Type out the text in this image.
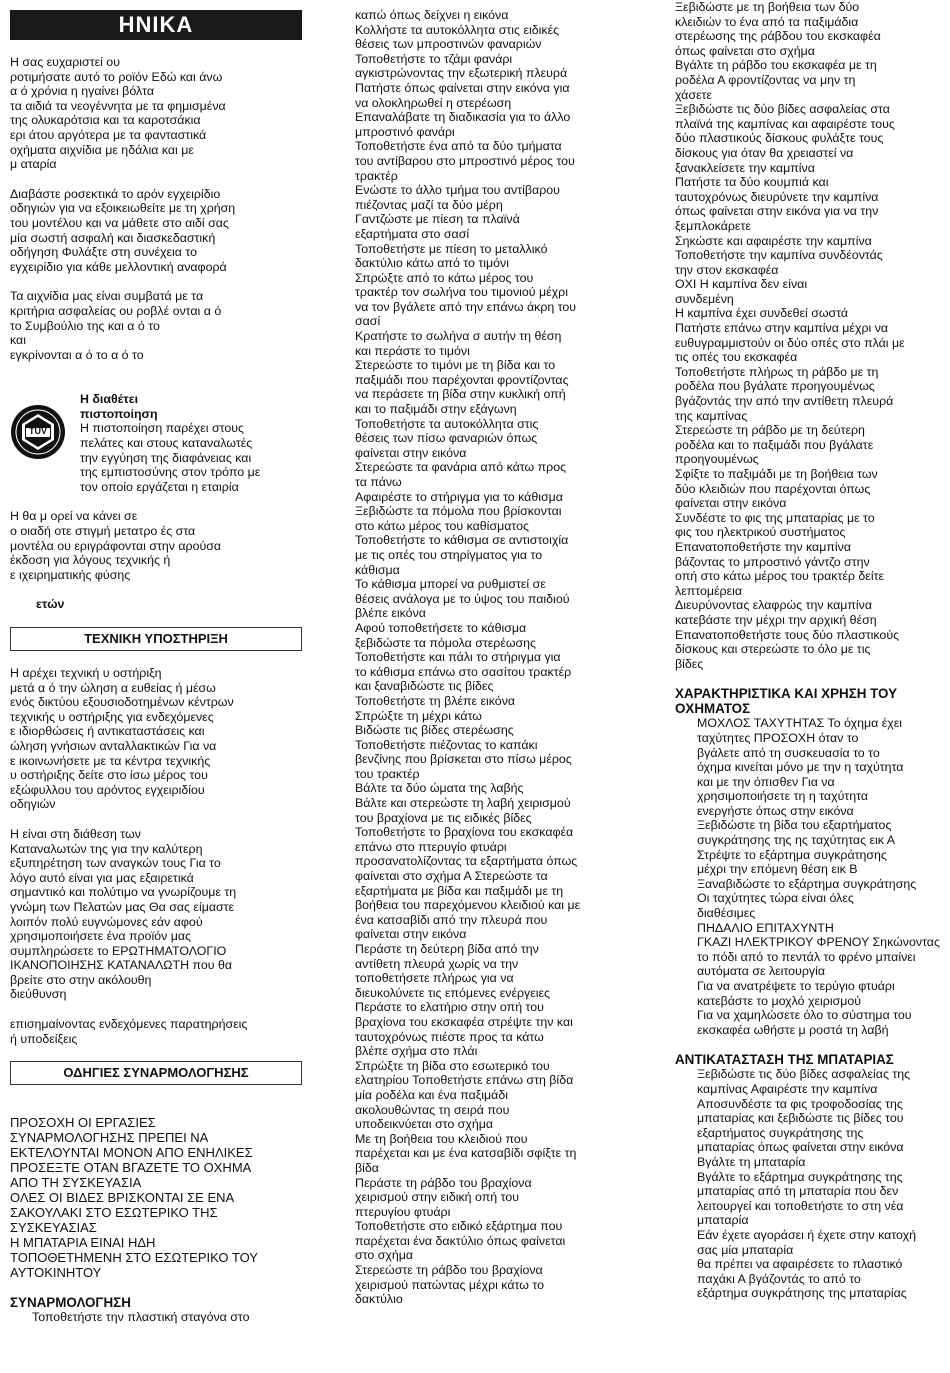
ΗΝΙΚΑ

Η σας ευχαριστεί ου
ροτιμήσατε αυτό το ροϊόν Εδώ και άνω
α ό χρόνια η ηγαίνει βόλτα
τα αιδιά τα νεογέννητα με τα φημισμένα
της ολυκαρότσια και τα καροτσάκια
ερι άτου αργότερα με τα φανταστικά
οχήματα αιχνίδια με ηδάλια και με
μ αταρία

Διαβάστε ροσεκτικά το αρόν εγχειρίδιο
οδηγιών για να εξοικειωθείτε με τη χρήση
του μοντέλου και να μάθετε στο αιδί σας
μία σωστή ασφαλή και διασκεδαστική
οδήγηση Φυλάξτε στη συνέχεια το
εγχειρίδιο για κάθε μελλοντική αναφορά

Τα αιχνίδια μας είναι συμβατά με τα
κριτήρια ασφαλείας ου ροβλέ ονται α ό
το Συμβούλιο της και α ό το
και
εγκρίνονται α ό το α ό το

TÜV

Η διαθέτει
πιστοποίηση

Η πιστοποίηση παρέχει στους
πελάτες και στους καταναλωτές
την εγγύηση της διαφάνειας και
της εμπιστοσύνης στον τρόπο με
τον οποίο εργάζεται η εταιρία

Η θα μ ορεί να κάνει σε
ο οιαδή οτε στιγμή μετατρο ές στα
μοντέλα ου εριγράφονται στην αρούσα
έκδοση για λόγους τεχνικής ή
ε ιχειρηματικής φύσης

ετών

ΤΕΧΝΙΚΗ ΥΠΟΣΤΗΡΙΞΗ

Η αρέχει τεχνική υ οστήριξη
μετά α ό την ώληση α ευθείας ή μέσω
ενός δικτύου εξουσιοδοτημένων κέντρων
τεχνικής υ οστήριξης για ενδεχόμενες
ε ιδιορθώσεις ή αντικαταστάσεις και
ώληση γνήσιων ανταλλακτικών Για να
ε ικοινωνήσετε με τα κέντρα τεχνικής
υ οστήριξης δείτε στο ίσω μέρος του
εξώφυλλου του αρόντος εγχειριδίου
οδηγιών

Η είναι στη διάθεση των
Καταναλωτών της για την καλύτερη
εξυπηρέτηση των αναγκών τους Για το
λόγο αυτό είναι για μας εξαιρετικά
σημαντικό και πολύτιμο να γνωρίζουμε τη
γνώμη των Πελατών μας Θα σας είμαστε
λοιπόν πολύ ευγνώμονες εάν αφού
χρησιμοποιήσετε ένα προϊόν μας
συμπληρώσετε το ΕΡΩΤΗΜΑΤΟΛΟΓΙΟ
ΙΚΑΝΟΠΟΙΗΣΗΣ ΚΑΤΑΝΑΛΩΤΗ που θα
βρείτε στο στην ακόλουθη
διεύθυνση

επισημαίνοντας ενδεχόμενες παρατηρήσεις
ή υποδείξεις

ΟΔΗΓΙΕΣ ΣΥΝΑΡΜΟΛΟΓΗΣΗΣ

ΠΡΟΣΟΧΗ ΟΙ ΕΡΓΑΣΙΕΣ
ΣΥΝΑΡΜΟΛΟΓΗΣΗΣ ΠΡΕΠΕΙ ΝΑ
ΕΚΤΕΛΟΥΝΤΑΙ ΜΟΝΟΝ ΑΠΟ ΕΝΗΛΙΚΕΣ
ΠΡΟΣΕΞΤΕ ΟΤΑΝ ΒΓΑΖΕΤΕ ΤΟ ΟΧΗΜΑ
ΑΠΟ ΤΗ ΣΥΣΚΕΥΑΣΙΑ
ΟΛΕΣ ΟΙ ΒΙΔΕΣ ΒΡΙΣΚΟΝΤΑΙ ΣΕ ΕΝΑ
ΣΑΚΟΥΛΑΚΙ ΣΤΟ ΕΣΩΤΕΡΙΚΟ ΤΗΣ
ΣΥΣΚΕΥΑΣΙΑΣ
Η ΜΠΑΤΑΡΙΑ ΕΙΝΑΙ ΗΔΗ
ΤΟΠΟΘΕΤΗΜΕΝΗ ΣΤΟ ΕΣΩΤΕΡΙΚΟ ΤΟΥ
ΑΥΤΟΚΙΝΗΤΟΥ

ΣΥΝΑΡΜΟΛΟΓΗΣΗ

Τοποθετήστε την πλαστική σταγόνα στο

καπώ όπως δείχνει η εικόνα
Κολλήστε τα αυτοκόλλητα στις ειδικές
θέσεις των μπροστινών φαναριών
Τοποθετήστε το τζάμι φανάρι
αγκιστρώνοντας την εξωτερική πλευρά
Πατήστε όπως φαίνεται στην εικόνα για
να ολοκληρωθεί η στερέωση
Επαναλάβατε τη διαδικασία για το άλλο
μπροστινό φανάρι
Τοποθετήστε ένα από τα δύο τμήματα
του αντίβαρου στο μπροστινό μέρος του
τρακτέρ
Ενώστε το άλλο τμήμα του αντίβαρου
πιέζοντας μαζί τα δύο μέρη
Γαντζώστε με πίεση τα πλαϊνά
εξαρτήματα στο σασί
Τοποθετήστε με πίεση το μεταλλικό
δακτύλιο κάτω από το τιμόνι
Σπρώξτε από το κάτω μέρος του
τρακτέρ τον σωλήνα του τιμονιού μέχρι
να τον βγάλετε από την επάνω άκρη του
σασί
Κρατήστε το σωλήνα σ αυτήν τη θέση
και περάστε το τιμόνι
Στερεώστε το τιμόνι με τη βίδα και το
παξιμάδι που παρέχονται φροντίζοντας
να περάσετε τη βίδα στην κυκλική οπή
και το παξιμάδι στην εξάγωνη
Τοποθετήστε τα αυτοκόλλητα στις
θέσεις των πίσω φαναριών όπως
φαίνεται στην εικόνα
Στερεώστε τα φανάρια από κάτω προς
τα πάνω
Αφαιρέστε το στήριγμα για το κάθισμα
Ξεβιδώστε τα πόμολα που βρίσκονται
στο κάτω μέρος του καθίσματος
Τοποθετήστε το κάθισμα σε αντιστοιχία
με τις οπές του στηρίγματος για το
κάθισμα
Το κάθισμα μπορεί να ρυθμιστεί σε
θέσεις ανάλογα με το ύψος του παιδιού
βλέπε εικόνα
Αφού τοποθετήσετε το κάθισμα
ξεβιδώστε τα πόμολα στερέωσης
Τοποθετήστε και πάλι το στήριγμα για
το κάθισμα επάνω στο σασίτου τρακτέρ
και ξαναβιδώστε τις βίδες
Τοποθετήστε τη βλέπε εικόνα
Σπρώξτε τη μέχρι κάτω
Βιδώστε τις βίδες στερέωσης
Τοποθετήστε πιέζοντας το καπάκι
βενζίνης που βρίσκεται στο πίσω μέρος
του τρακτέρ
Βάλτε τα δύο ώματα της λαβής
Βάλτε και στερεώστε τη λαβή χειρισμού
του βραχίονα με τις ειδικές βίδες
Τοποθετήστε το βραχίονα του εκσκαφέα
επάνω στο πτερυγίο φτυάρι
προσανατολίζοντας τα εξαρτήματα όπως
φαίνεται στο σχήμα Α Στερεώστε τα
εξαρτήματα με βίδα και παξιμάδι με τη
βοήθεια του παρεχόμενου κλειδιού και με
ένα κατσαβίδι από την πλευρά που
φαίνεται στην εικόνα
Περάστε τη δεύτερη βίδα από την
αντίθετη πλευρά χωρίς να την
τοποθετήσετε πλήρως για να
διευκολύνετε τις επόμενες ενέργειες
Περάστε το ελατήριο στην οπή του
βραχίονα του εκσκαφέα στρέψτε την και
ταυτοχρόνως πιέστε προς τα κάτω
βλέπε σχήμα στο πλάι
Σπρώξτε τη βίδα στο εσωτερικό του
ελατηρίου Τοποθετήστε επάνω στη βίδα
μία ροδέλα και ένα παξιμάδι
ακολουθώντας τη σειρά που
υποδεικνύεται στο σχήμα
Με τη βοήθεια του κλειδιού που
παρέχεται και με ένα κατσαβίδι σφίξτε τη
βίδα
Περάστε τη ράβδο του βραχίονα
χειρισμού στην ειδική οπή του
πτερυγίου φτυάρι
Τοποθετήστε στο ειδικό εξάρτημα που
παρέχεται ένα δακτύλιο όπως φαίνεται
στο σχήμα
Στερεώστε τη ράβδο του βραχίονα
χειρισμού πατώντας μέχρι κάτω το
δακτύλιο

Ξεβιδώστε με τη βοήθεια των δύο
κλειδιών το ένα από τα παξιμάδια
στερέωσης της ράβδου του εκσκαφέα
όπως φαίνεται στο σχήμα
Βγάλτε τη ράβδο του εκσκαφέα με τη
ροδέλα Α φροντίζοντας να μην τη
χάσετε
Ξεβιδώστε τις δύο βίδες ασφαλείας στα
πλαϊνά της καμπίνας και αφαιρέστε τους
δύο πλαστικούς δίσκους φυλάξτε τους
δίσκους για όταν θα χρειαστεί να
ξανακλείσετε την καμπίνα
Πατήστε τα δύο κουμπιά και
ταυτοχρόνως διευρύνετε την καμπίνα
όπως φαίνεται στην εικόνα για να την
ξεμπλοκάρετε
Σηκώστε και αφαιρέστε την καμπίνα
Τοποθετήστε την καμπίνα συνδέοντάς
την στον εκσκαφέα
ΟΧΙ Η καμπίνα δεν είναι
συνδεμένη
Η καμπίνα έχει συνδεθεί σωστά
Πατήστε επάνω στην καμπίνα μέχρι να
ευθυγραμμιστούν οι δύο οπές στο πλάι με
τις οπές του εκσκαφέα
Τοποθετήστε πλήρως τη ράβδο με τη
ροδέλα που βγάλατε προηγουμένως
βγάζοντάς την από την αντίθετη πλευρά
της καμπίνας
Στερεώστε τη ράβδο με τη δεύτερη
ροδέλα και το παξιμάδι που βγάλατε
προηγουμένως
Σφίξτε το παξιμάδι με τη βοήθεια των
δύο κλειδιών που παρέχονται όπως
φαίνεται στην εικόνα
Συνδέστε το φις της μπαταρίας με το
φις του ηλεκτρικού συστήματος
Επανατοποθετήστε την καμπίνα
βάζοντας το μπροστινό γάντζο στην
οπή στο κάτω μέρος του τρακτέρ δείτε
λεπτομέρεια
Διευρύνοντας ελαφρώς την καμπίνα
κατεβάστε την μέχρι την αρχική θέση
Επανατοποθετήστε τους δύο πλαστικούς
δίσκους και στερεώστε το όλο με τις
βίδες

ΧΑΡΑΚΤΗΡΙΣΤΙΚΑ ΚΑΙ ΧΡΗΣΗ ΤΟΥ
ΟΧΗΜΑΤΟΣ

ΜΟΧΛΟΣ ΤΑΧΥΤΗΤΑΣ Το όχημα έχει
ταχύτητες ΠΡΟΣΟΧΗ όταν το
βγάλετε από τη συσκευασία το το
όχημα κινείται μόνο με την η ταχύτητα
και με την όπισθεν Για να
χρησιμοποιήσετε τη η ταχύτητα
ενεργήστε όπως στην εικόνα
Ξεβιδώστε τη βίδα του εξαρτήματος
συγκράτησης της ης ταχύτητας εικ Α
Στρέψτε το εξάρτημα συγκράτησης
μέχρι την επόμενη θέση εικ Β
Ξαναβιδώστε το εξάρτημα συγκράτησης
Οι ταχύτητες τώρα είναι όλες
διαθέσιμες
ΠΗΔΑΛΙΟ ΕΠΙΤΑΧΥΝΤΗ
ΓΚΑΖΙ ΗΛΕΚΤΡΙΚΟΥ ΦΡΕΝΟΥ Σηκώνοντας
το πόδι από το πεντάλ το φρένο μπαίνει
αυτόματα σε λειτουργία
Για να ανατρέψετε το τερύγιο φτυάρι
κατεβάστε το μοχλό χειρισμού
Για να χαμηλώσετε όλο το σύστημα του
εκσκαφέα ωθήστε μ ροστά τη λαβή

ΑΝΤΙΚΑΤΑΣΤΑΣΗ ΤΗΣ ΜΠΑΤΑΡΙΑΣ

Ξεβιδώστε τις δύο βίδες ασφαλείας της
καμπίνας Αφαιρέστε την καμπίνα
Αποσυνδέστε τα φις τροφοδοσίας της
μπαταρίας και ξεβιδώστε τις βίδες του
εξαρτήματος συγκράτησης της
μπαταρίας όπως φαίνεται στην εικόνα
Βγάλτε τη μπαταρία
Βγάλτε το εξάρτημα συγκράτησης της
μπαταρίας από τη μπαταρία που δεν
λειτουργεί και τοποθετήστε το στη νέα
μπαταρία
Εάν έχετε αγοράσει ή έχετε στην κατοχή
σας μία μπαταρία
θα πρέπει να αφαιρέσετε το πλαστικό
παχάκι Α βγάζοντάς το από το
εξάρτημα συγκράτησης της μπαταρίας
